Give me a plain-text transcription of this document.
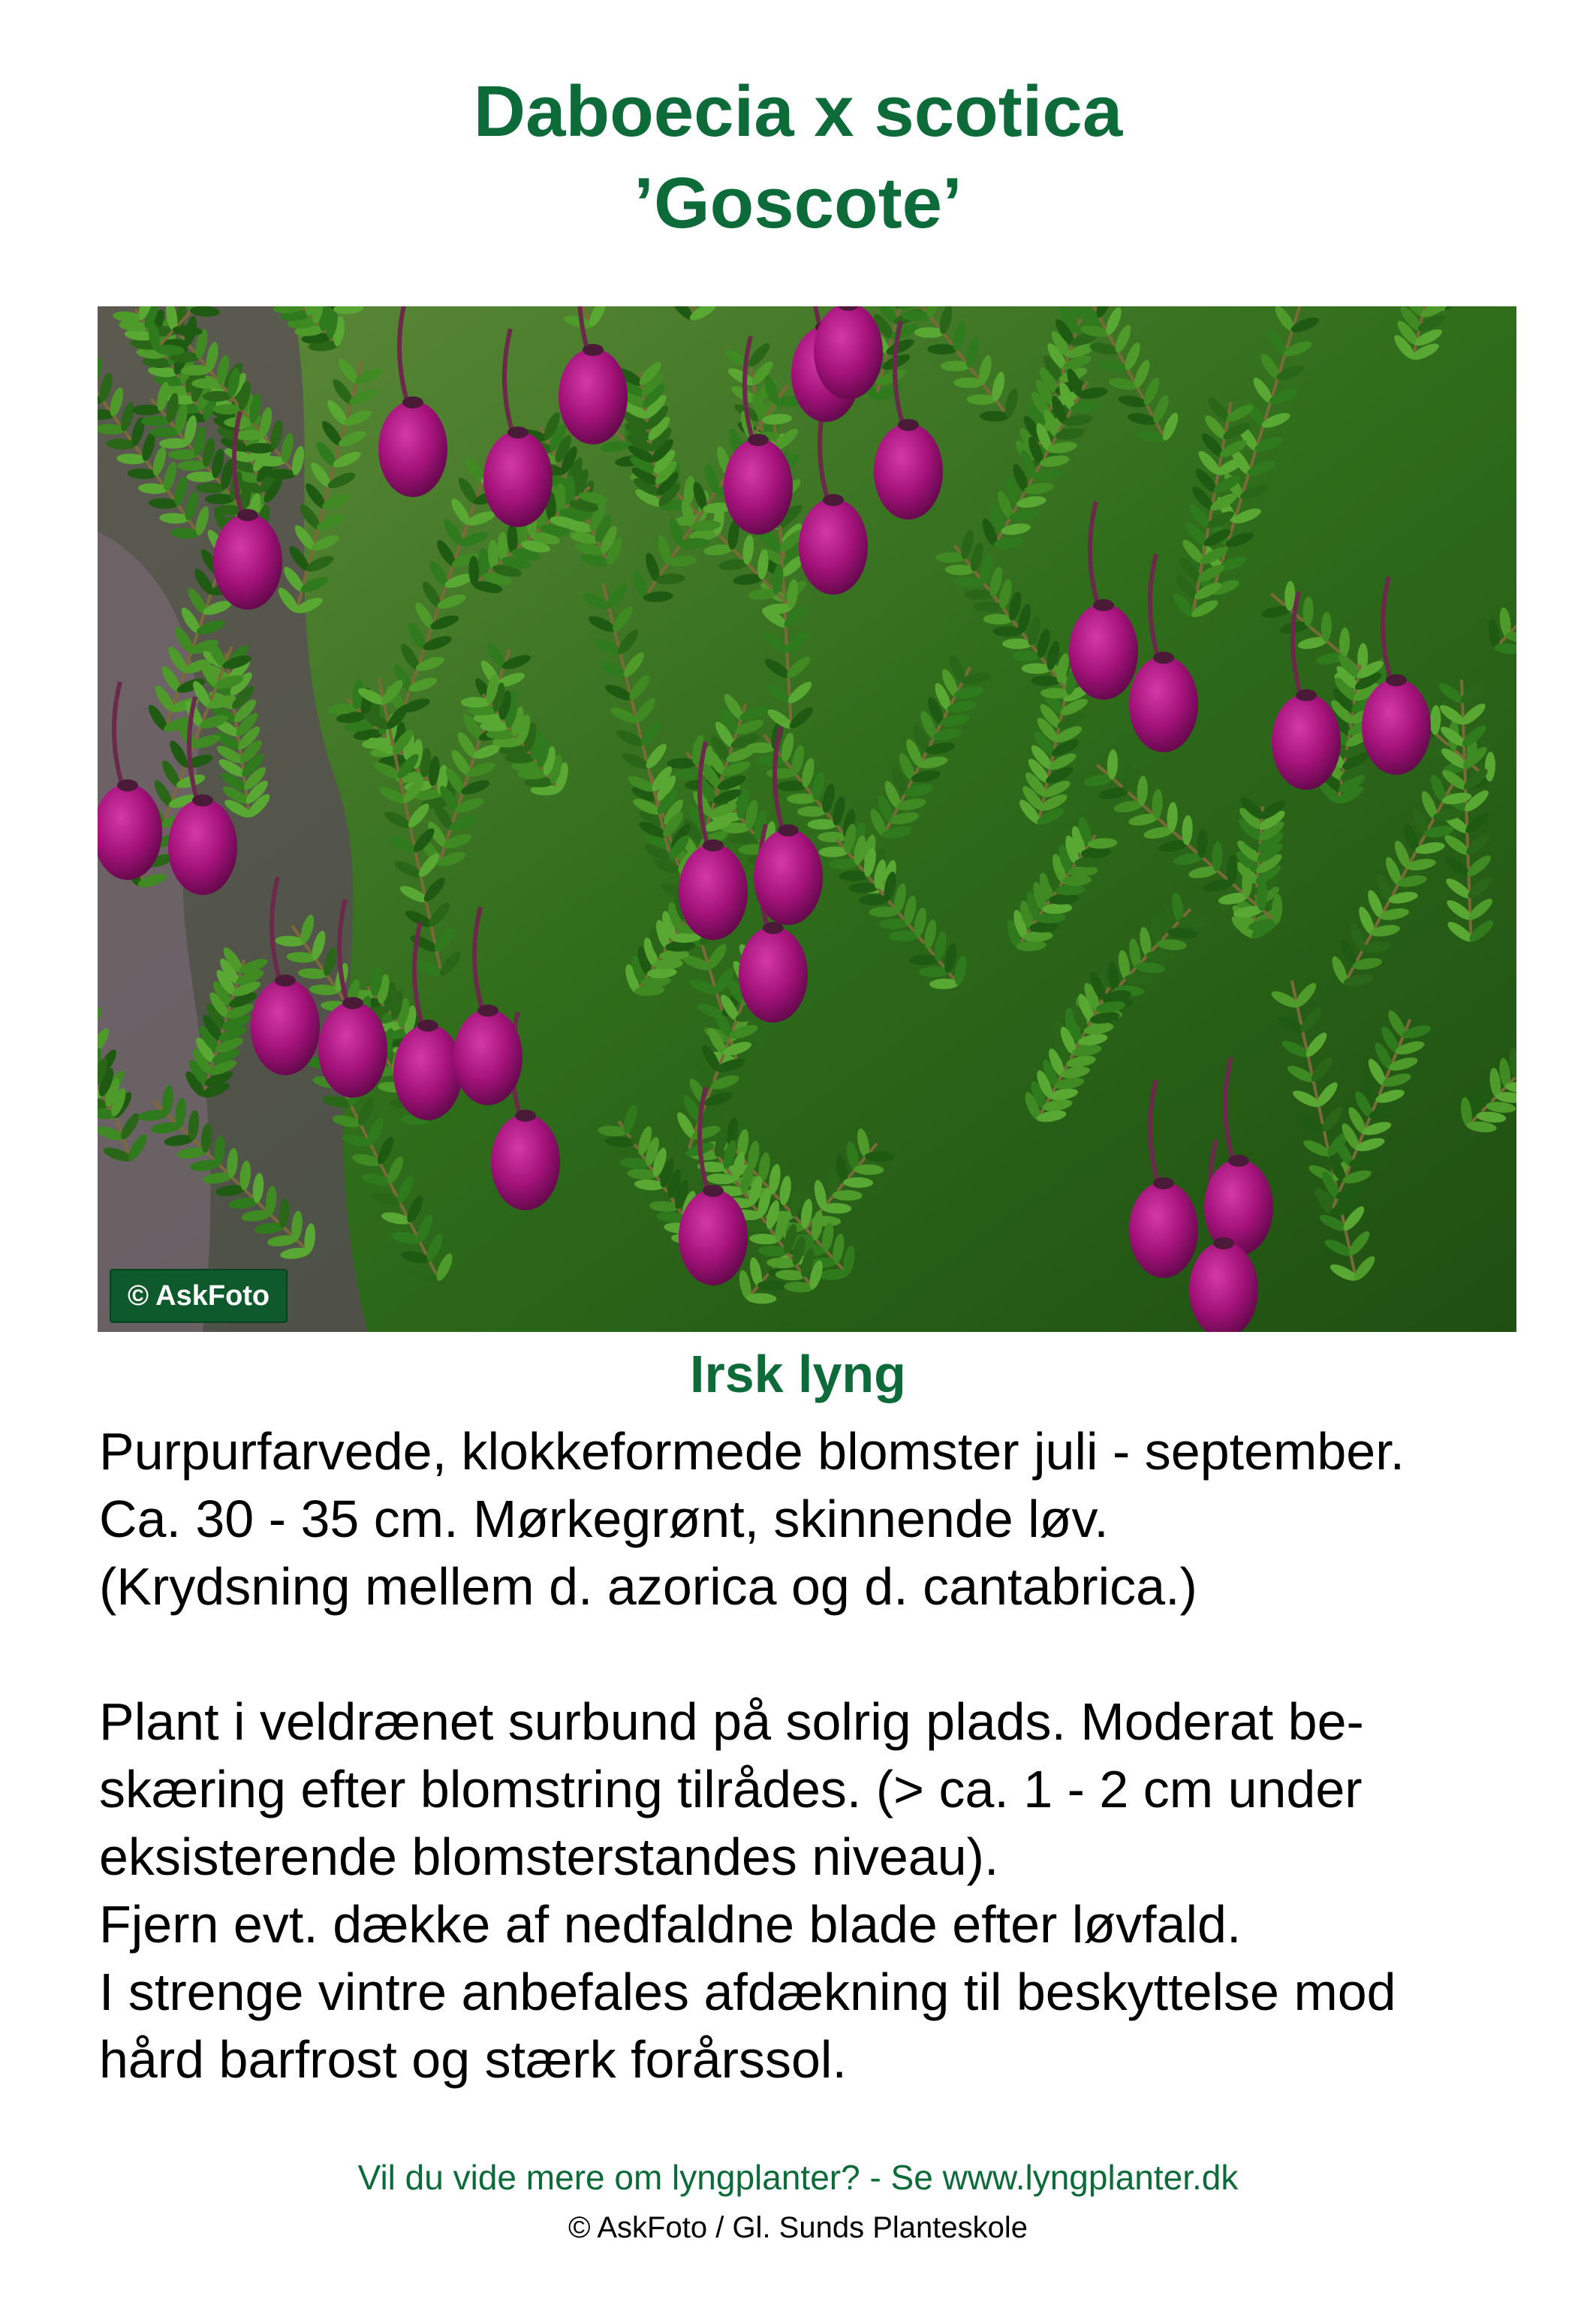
Daboecia x scotica
’Goscote’
© AskFoto
Irsk lyng

Purpurfarvede, klokkeformede blomster juli - september.

Ca. 30 - 35 cm. Mørkegrønt, skinnende løv.

(Krydsning mellem d. azorica og d. cantabrica.)

Plant i veldrænet surbund på solrig plads. Moderat be-

skæring efter blomstring tilrådes. (> ca. 1 - 2 cm under

eksisterende blomsterstandes niveau).

Fjern evt. dække af nedfaldne blade efter løvfald.

I strenge vintre anbefales afdækning til beskyttelse mod

hård barfrost og stærk forårssol.

Vil du vide mere om lyngplanter? - Se www.lyngplanter.dk
© AskFoto / Gl. Sunds Planteskole
